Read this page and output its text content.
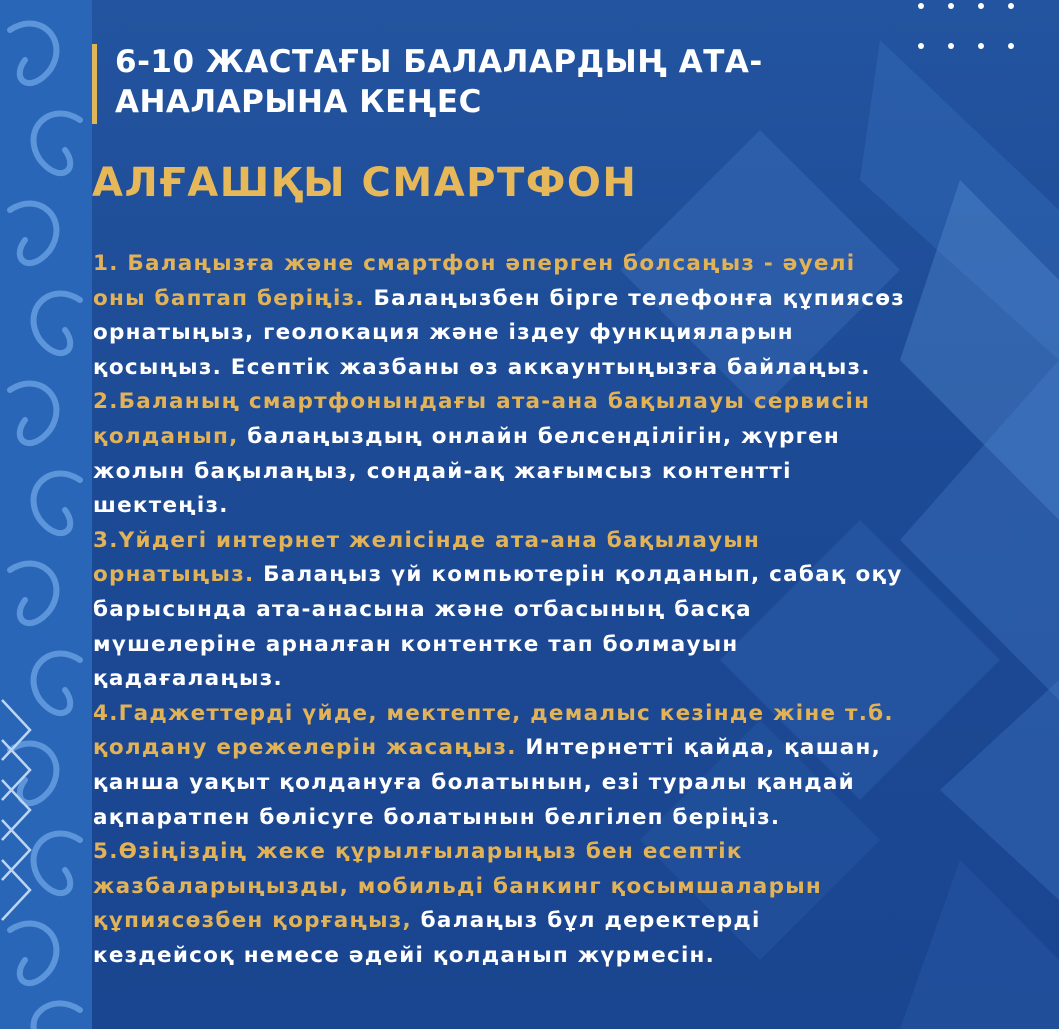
6-10 ЖАСТАҒЫ БАЛАЛАРДЫҢ АТА-
АНАЛАРЫНА КЕҢЕС
АЛҒАШҚЫ СМАРТФОН
1. Балаңызға және смартфон әперген болсаңыз - әуелі
оны баптап беріңіз. Балаңызбен бірге телефонға құпиясөз
орнатыңыз, геолокация және іздеу функцияларын
қосыңыз. Есептік жазбаны өз аккаунтыңызға байлаңыз.
2.Баланың смартфонындағы ата-ана бақылауы сервисін
қолданып, балаңыздың онлайн белсенділігін, жүрген
жолын бақылаңыз, сондай-ақ жағымсыз контентті
шектеңіз.
3.Үйдегі интернет желісінде ата-ана бақылауын
орнатыңыз. Балаңыз үй компьютерін қолданып, сабақ оқу
барысында ата-анасына және отбасының басқа
мүшелеріне арналған контентке тап болмауын
қадағалаңыз.
4.Гаджеттерді үйде, мектепте, демалыс кезінде жіне т.б.
қолдану ережелерін жасаңыз. Интернетті қайда, қашан,
қанша уақыт қолдануға болатынын, езі туралы қандай
ақпаратпен бөлісуге болатынын белгілеп беріңіз.
5.Өзіңіздің жеке құрылғыларыңыз бен есептік
жазбаларыңызды, мобильді банкинг қосымшаларын
құпиясөзбен қорғаңыз, балаңыз бұл деректерді
кездейсоқ немесе әдейі қолданып жүрмесін.
